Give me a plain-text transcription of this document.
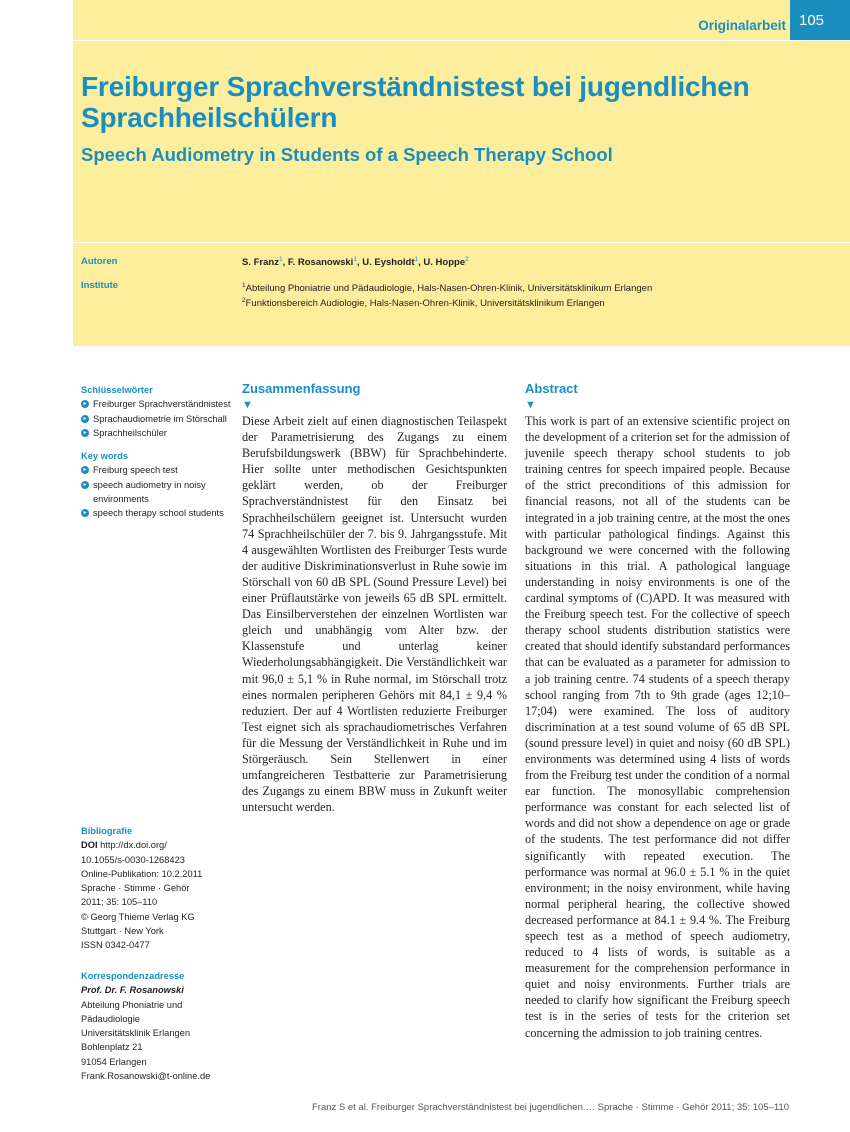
Originalarbeit 105
Freiburger Sprachverständnistest bei jugendlichen Sprachheilschülern
Speech Audiometry in Students of a Speech Therapy School
Autoren	S. Franz$^1$, F. Rosanowski$^1$, U. Eysholdt$^1$, U. Hoppe$^2$
Institute	$^1$Abteilung Phoniatrie und Pädaudiologie, Hals-Nasen-Ohren-Klinik, Universitätsklinikum Erlangen
$^2$Funktionsbereich Audiologie, Hals-Nasen-Ohren-Klinik, Universitätsklinikum Erlangen
Schlüsselwörter
▸ Freiburger Sprachverständnistest
▸ Sprachaudiometrie im Störschall
▸ Sprachheilschüler
Key words
▸ Freiburg speech test
▸ speech audiometry in noisy environments
▸ speech therapy school students
Bibliografie
DOI http://dx.doi.org/
10.1055/s-0030-1268423
Online-Publikation: 10.2.2011
Sprache · Stimme · Gehör
2011; 35: 105–110
© Georg Thieme Verlag KG
Stuttgart · New York
ISSN 0342-0477
Korrespondenzadresse
Prof. Dr. F. Rosanowski
Abteilung Phoniatrie und
Pädaudiologie
Universitätsklinik Erlangen
Bohlenplatz 21
91054 Erlangen
Frank.Rosanowski@t-online.de
Zusammenfassung
▼

Diese Arbeit zielt auf einen diagnostischen Teilaspekt der Parametrisierung des Zugangs zu einem Berufsbildungswerk (BBW) für Sprachbehinderte. Hier sollte unter methodischen Gesichtspunkten geklärt werden, ob der Freiburger Sprachverständnistest für den Einsatz bei Sprachheilschülern geeignet ist. Untersucht wurden 74 Sprachheilschüler der 7. bis 9. Jahrgangsstufe. Mit 4 ausgewählten Wortlisten des Freiburger Tests wurde der auditive Diskriminationsverlust in Ruhe sowie im Störschall von 60 dB SPL (Sound Pressure Level) bei einer Prüflautstärke von jeweils 65 dB SPL ermittelt. Das Einsilberverstehen der einzelnen Wortlisten war gleich und unabhängig vom Alter bzw. der Klassenstufe und unterlag keiner Wiederholungsabhängigkeit. Die Verständlichkeit war mit 96,0 ± 5,1 % in Ruhe normal, im Störschall trotz eines normalen peripheren Gehörs mit 84,1 ± 9,4 % reduziert. Der auf 4 Wortlisten reduzierte Freiburger Test eignet sich als sprachaudiometrisches Verfahren für die Messung der Verständlichkeit in Ruhe und im Störgeräusch. Sein Stellenwert in einer umfangreicheren Testbatterie zur Parametrisierung des Zugangs zu einem BBW muss in Zukunft weiter untersucht werden.

Abstract
▼

This work is part of an extensive scientific project on the development of a criterion set for the admission of juvenile speech therapy school students to job training centres for speech impaired people. Because of the strict preconditions of this admission for financial reasons, not all of the students can be integrated in a job training centre, at the most the ones with particular pathological findings. Against this background we were concerned with the following situations in this trial. A pathological language understanding in noisy environments is one of the cardinal symptoms of (C)APD. It was measured with the Freiburg speech test. For the collective of speech therapy school students distribution statistics were created that should identify substandard performances that can be evaluated as a parameter for admission to a job training centre. 74 students of a speech therapy school ranging from 7th to 9th grade (ages 12;10–17;04) were examined. The loss of auditory discrimination at a test sound volume of 65 dB SPL (sound pressure level) in quiet and noisy (60 dB SPL) environments was determined using 4 lists of words from the Freiburg test under the condition of a normal ear function. The monosyllabic comprehension performance was constant for each selected list of words and did not show a dependence on age or grade of the students. The test performance did not differ significantly with repeated execution. The performance was normal at 96.0 ± 5.1 % in the quiet environment; in the noisy environment, while having normal peripheral hearing, the collective showed decreased performance at 84.1 ± 9.4 %. The Freiburg speech test as a method of speech audiometry, reduced to 4 lists of words, is suitable as a measurement for the comprehension performance in quiet and noisy environments. Further trials are needed to clarify how significant the Freiburg speech test is in the series of tests for the criterion set concerning the admission to job training centres.

Franz S et al. Freiburger Sprachverständnistest bei jugendlichen … Sprache · Stimme · Gehör 2011; 35: 105–110
